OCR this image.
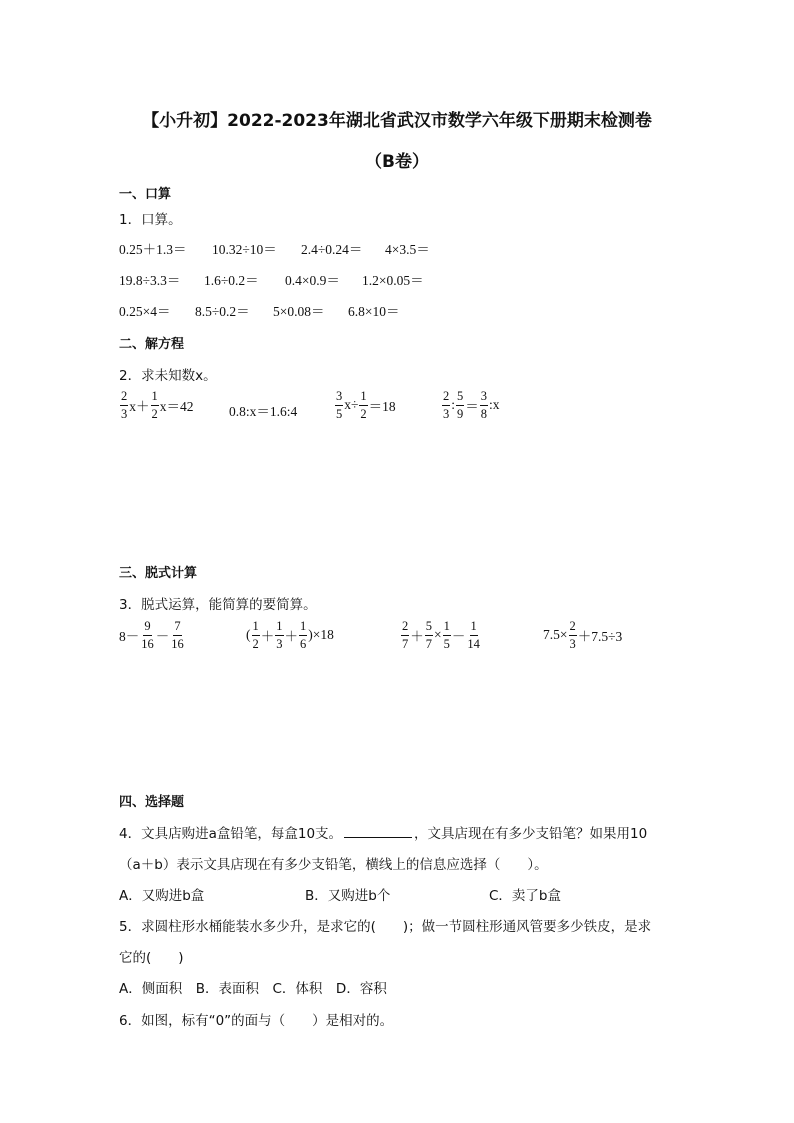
【小升初】2022-2023年湖北省武汉市数学六年级下册期末检测卷
（B卷）
一、口算
1．口算。
0.25＋1.3＝ 10.32÷10＝ 2.4÷0.24＝ 4×3.5＝
19.8÷3.3＝ 1.6÷0.2＝ 0.4×0.9＝ 1.2×0.05＝
0.25×4＝ 8.5÷0.2＝ 5×0.08＝ 6.8×10＝
二、解方程
2．求未知数x。
2
3 x＋
1
2 x＝42	0.8:x＝1.6:4
3
5
$x\div \frac{1}{2} =18$
2
3
:
5
9 ＝
3
8
:x
三、脱式计算
3．脱式运算，能简算的要简算。
8－
9
16 －
7
16
(
1
2 ＋
1
3 ＋
1
6
)×18
2
$7 + \frac{5}{7} \times \frac{1}{5}$ －
1
14
$7.5\times \frac{2}{3} +7.5\div 3$
四、选择题
4．文具店购进a盒铅笔，每盒10支。	，文具店现在有多少支铅笔？如果用10
（a＋b）表示文具店现在有多少支铅笔，横线上的信息应选择（　　）。
A．又购进b盒	B．又购进b个	C．卖了b盒
5．求圆柱形水桶能装水多少升，是求它的(　　)；做一节圆柱形通风管要多少铁皮，是求
它的(　　)
A．侧面积　B．表面积　C．体积　D．容积
6．如图，标有“0”的面与（　　）是相对的。
